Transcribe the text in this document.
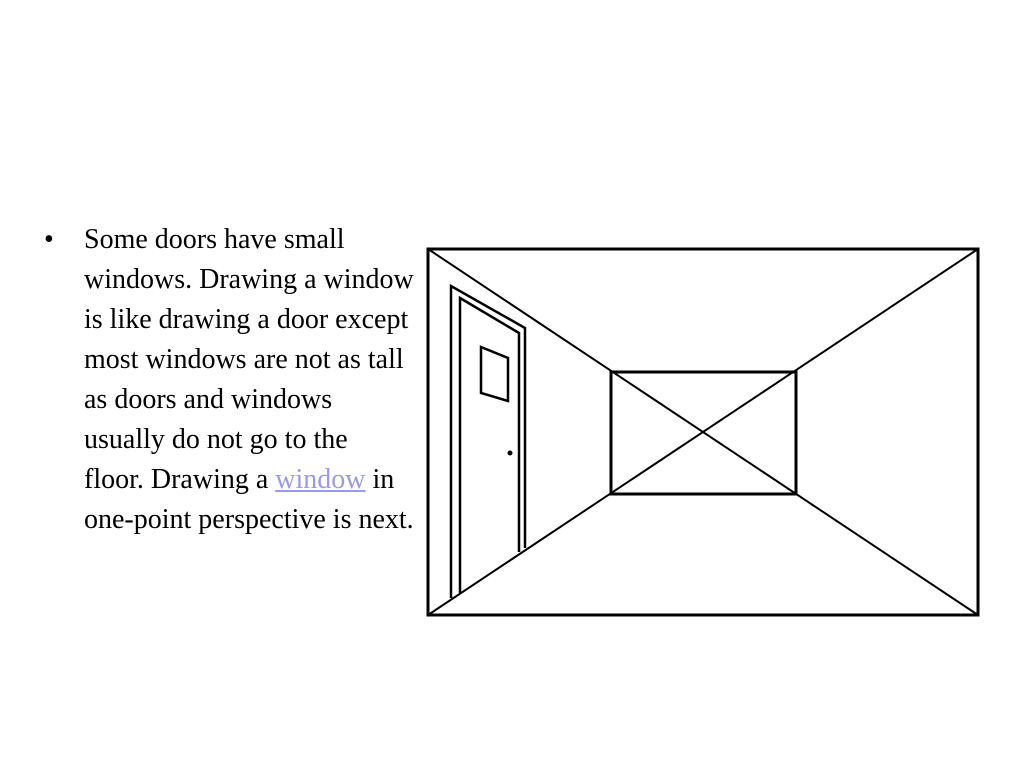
•	Some doors have small windows. Drawing a window is like drawing a door except most windows are not as tall as doors and windows usually do not go to the floor. Drawing a window in one-point perspective is next.
